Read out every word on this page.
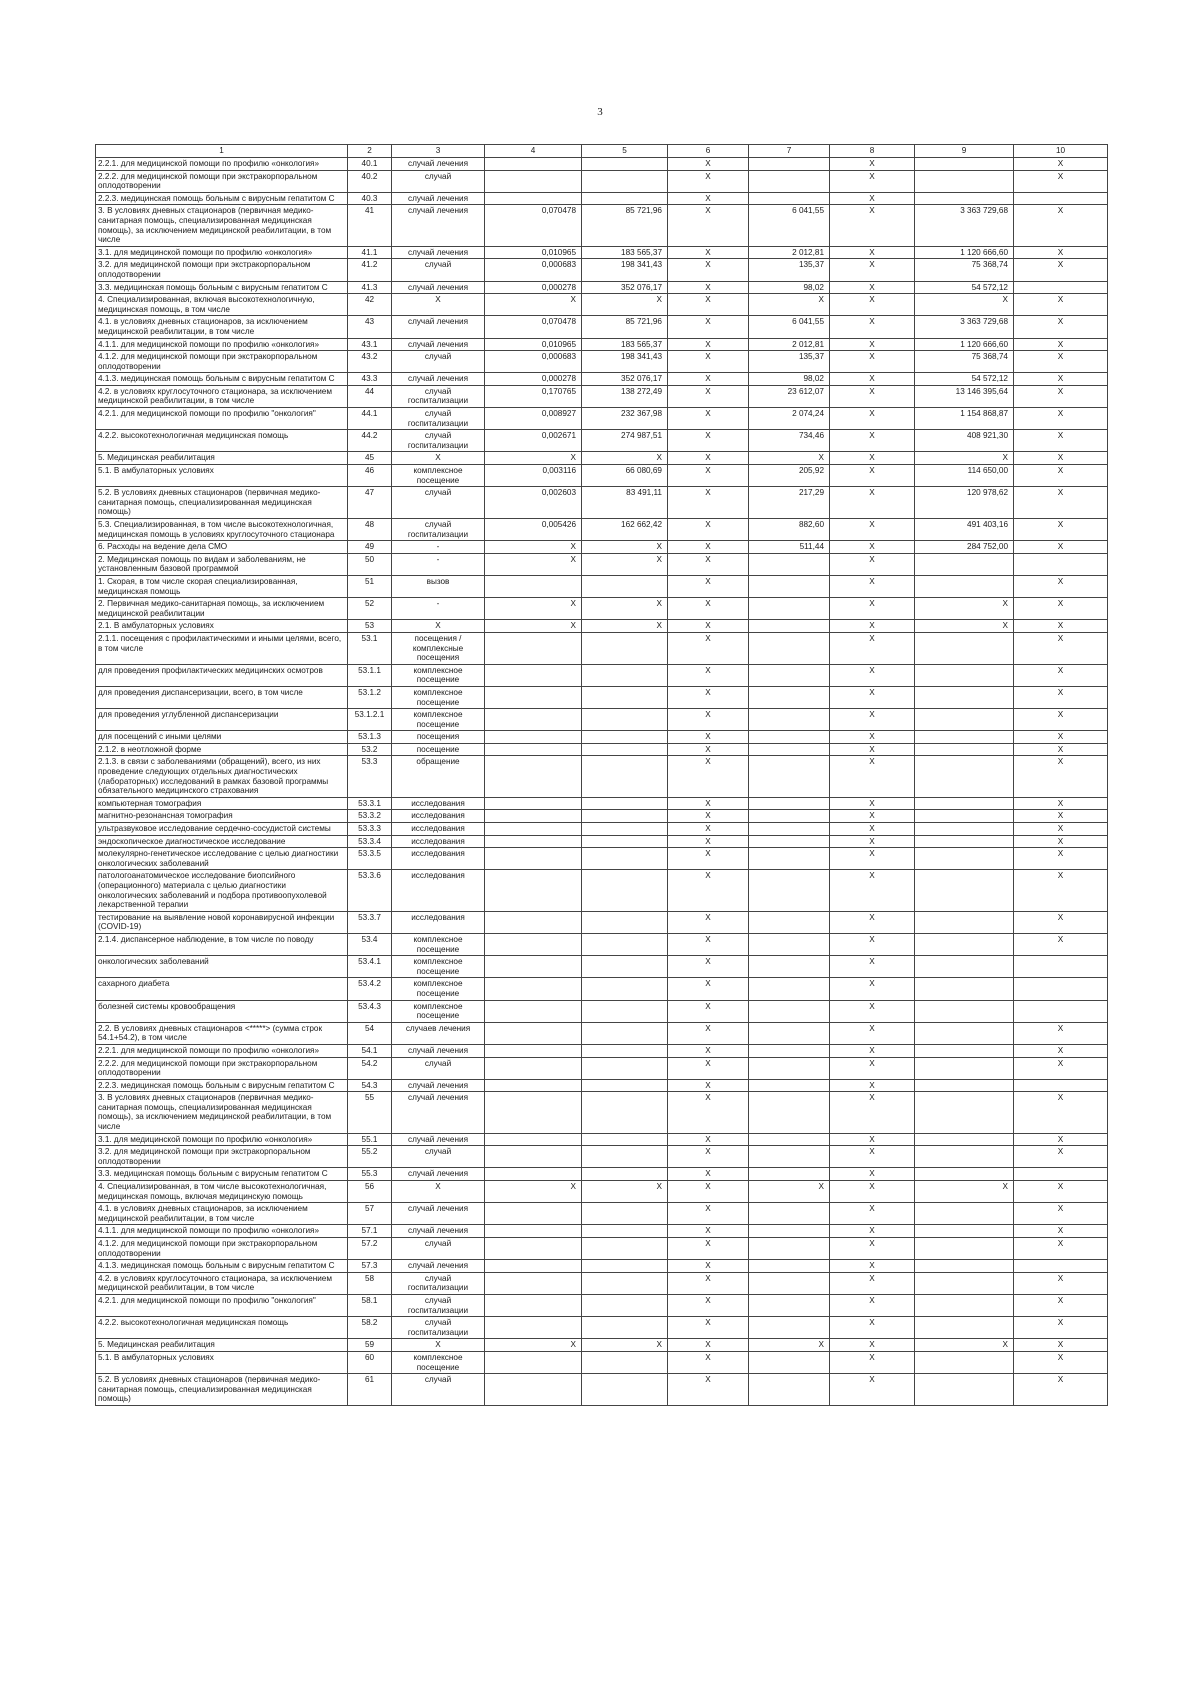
3
1	2	3	4	5	6	7	8	9	10
2.2.1. для медицинской помощи по профилю «онкология»	40.1	случай лечения			X		X		X
2.2.2. для медицинской помощи при экстракорпоральном оплодотворении	40.2	случай			X		X		X
2.2.3. медицинская помощь больным с вирусным гепатитом С	40.3	случай лечения			X		X		
3. В условиях дневных стационаров (первичная медико-санитарная помощь, специализированная медицинская помощь), за исключением медицинской реабилитации, в том числе	41	случай лечения	0,070478	85 721,96	X	6 041,55	X	3 363 729,68	X
3.1. для медицинской помощи по профилю «онкология»	41.1	случай лечения	0,010965	183 565,37	X	2 012,81	X	1 120 666,60	X
3.2. для медицинской помощи при экстракорпоральном оплодотворении	41.2	случай	0,000683	198 341,43	X	135,37	X	75 368,74	X
3.3. медицинская помощь больным с вирусным гепатитом С	41.3	случай лечения	0,000278	352 076,17	X	98,02	X	54 572,12	
4. Специализированная, включая высокотехнологичную, медицинская помощь, в том числе	42	X	X	X	X	X	X	X	X
4.1. в условиях дневных стационаров, за исключением медицинской реабилитации, в том числе	43	случай лечения	0,070478	85 721,96	X	6 041,55	X	3 363 729,68	X
4.1.1. для медицинской помощи по профилю «онкология»	43.1	случай лечения	0,010965	183 565,37	X	2 012,81	X	1 120 666,60	X
4.1.2. для медицинской помощи при экстракорпоральном оплодотворении	43.2	случай	0,000683	198 341,43	X	135,37	X	75 368,74	X
4.1.3. медицинская помощь больным с вирусным гепатитом С	43.3	случай лечения	0,000278	352 076,17	X	98,02	X	54 572,12	X
4.2. в условиях круглосуточного стационара, за исключением медицинской реабилитации, в том числе	44	случай госпитализации	0,170765	138 272,49	X	23 612,07	X	13 146 395,64	X
4.2.1. для медицинской помощи по профилю "онкология"	44.1	случай госпитализации	0,008927	232 367,98	X	2 074,24	X	1 154 868,87	X
4.2.2. высокотехнологичная медицинская помощь	44.2	случай госпитализации	0,002671	274 987,51	X	734,46	X	408 921,30	X
5. Медицинская реабилитация	45	X	X	X	X	X	X	X	X
5.1. В амбулаторных условиях	46	комплексное посещение	0,003116	66 080,69	X	205,92	X	114 650,00	X
5.2. В условиях дневных стационаров (первичная медико-санитарная помощь, специализированная медицинская помощь)	47	случай	0,002603	83 491,11	X	217,29	X	120 978,62	X
5.3. Специализированная, в том числе высокотехнологичная, медицинская помощь в условиях круглосуточного стационара	48	случай госпитализации	0,005426	162 662,42	X	882,60	X	491 403,16	X
6. Расходы на ведение дела СМО	49	-	X	X	X	511,44	X	284 752,00	X
2. Медицинская помощь по видам и заболеваниям, не установленным базовой программой	50	-	X	X	X		X		
1. Скорая, в том числе скорая специализированная, медицинская помощь	51	вызов			X		X		X
2. Первичная медико-санитарная помощь, за исключением медицинской реабилитации	52	-	X	X	X		X	X	X
2.1. В амбулаторных условиях	53	X	X	X	X		X	X	X
2.1.1. посещения с профилактическими и иными целями, всего, в том числе	53.1	посещения / комплексные посещения			X		X		X
для проведения профилактических медицинских осмотров	53.1.1	комплексное посещение			X		X		X
для проведения диспансеризации, всего, в том числе	53.1.2	комплексное посещение			X		X		X
для проведения углубленной диспансеризации	53.1.2.1	комплексное посещение			X		X		X
для посещений с иными целями	53.1.3	посещения			X		X		X
2.1.2. в неотложной форме	53.2	посещение			X		X		X
2.1.3. в связи с заболеваниями (обращений), всего, из них проведение следующих отдельных диагностических (лабораторных) исследований в рамках базовой программы обязательного медицинского страхования	53.3	обращение			X		X		X
компьютерная томография	53.3.1	исследования			X		X		X
магнитно-резонансная томография	53.3.2	исследования			X		X		X
ультразвуковое исследование сердечно-сосудистой системы	53.3.3	исследования			X		X		X
эндоскопическое диагностическое исследование	53.3.4	исследования			X		X		X
молекулярно-генетическое исследование с целью диагностики онкологических заболеваний	53.3.5	исследования			X		X		X
патологоанатомическое исследование биопсийного (операционного) материала с целью диагностики онкологических заболеваний и подбора противоопухолевой лекарственной терапии	53.3.6	исследования			X		X		X
тестирование на выявление новой коронавирусной инфекции (COVID-19)	53.3.7	исследования			X		X		X
2.1.4. диспансерное наблюдение, в том числе по поводу	53.4	комплексное посещение			X		X		X
онкологических заболеваний	53.4.1	комплексное посещение			X		X		
сахарного диабета	53.4.2	комплексное посещение			X		X		
болезней системы кровообращения	53.4.3	комплексное посещение			X		X		
2.2. В условиях дневных стационаров <*****> (сумма строк 54.1+54.2), в том числе	54	случаев лечения			X		X		X
2.2.1. для медицинской помощи по профилю «онкология»	54.1	случай лечения			X		X		X
2.2.2. для медицинской помощи при экстракорпоральном оплодотворении	54.2	случай			X		X		X
2.2.3. медицинская помощь больным с вирусным гепатитом С	54.3	случай лечения			X		X		
3. В условиях дневных стационаров (первичная медико-санитарная помощь, специализированная медицинская помощь), за исключением медицинской реабилитации, в том числе	55	случай лечения			X		X		X
3.1. для медицинской помощи по профилю «онкология»	55.1	случай лечения			X		X		X
3.2. для медицинской помощи при экстракорпоральном оплодотворении	55.2	случай			X		X		X
3.3. медицинская помощь больным с вирусным гепатитом С	55.3	случай лечения			X		X		
4. Специализированная, в том числе высокотехнологичная, медицинская помощь, включая медицинскую помощь	56	X	X	X	X	X	X	X	X
4.1. в условиях дневных стационаров, за исключением медицинской реабилитации, в том числе	57	случай лечения			X		X		X
4.1.1. для медицинской помощи по профилю «онкология»	57.1	случай лечения			X		X		X
4.1.2. для медицинской помощи при экстракорпоральном оплодотворении	57.2	случай			X		X		X
4.1.3. медицинская помощь больным с вирусным гепатитом С	57.3	случай лечения			X		X		
4.2. в условиях круглосуточного стационара, за исключением медицинской реабилитации, в том числе	58	случай госпитализации			X		X		X
4.2.1. для медицинской помощи по профилю "онкология"	58.1	случай госпитализации			X		X		X
4.2.2. высокотехнологичная медицинская помощь	58.2	случай госпитализации			X		X		X
5. Медицинская реабилитация	59	X	X	X	X	X	X	X	X
5.1. В амбулаторных условиях	60	комплексное посещение			X		X		X
5.2. В условиях дневных стационаров (первичная медико-санитарная помощь, специализированная медицинская помощь)	61	случай			X		X		X
